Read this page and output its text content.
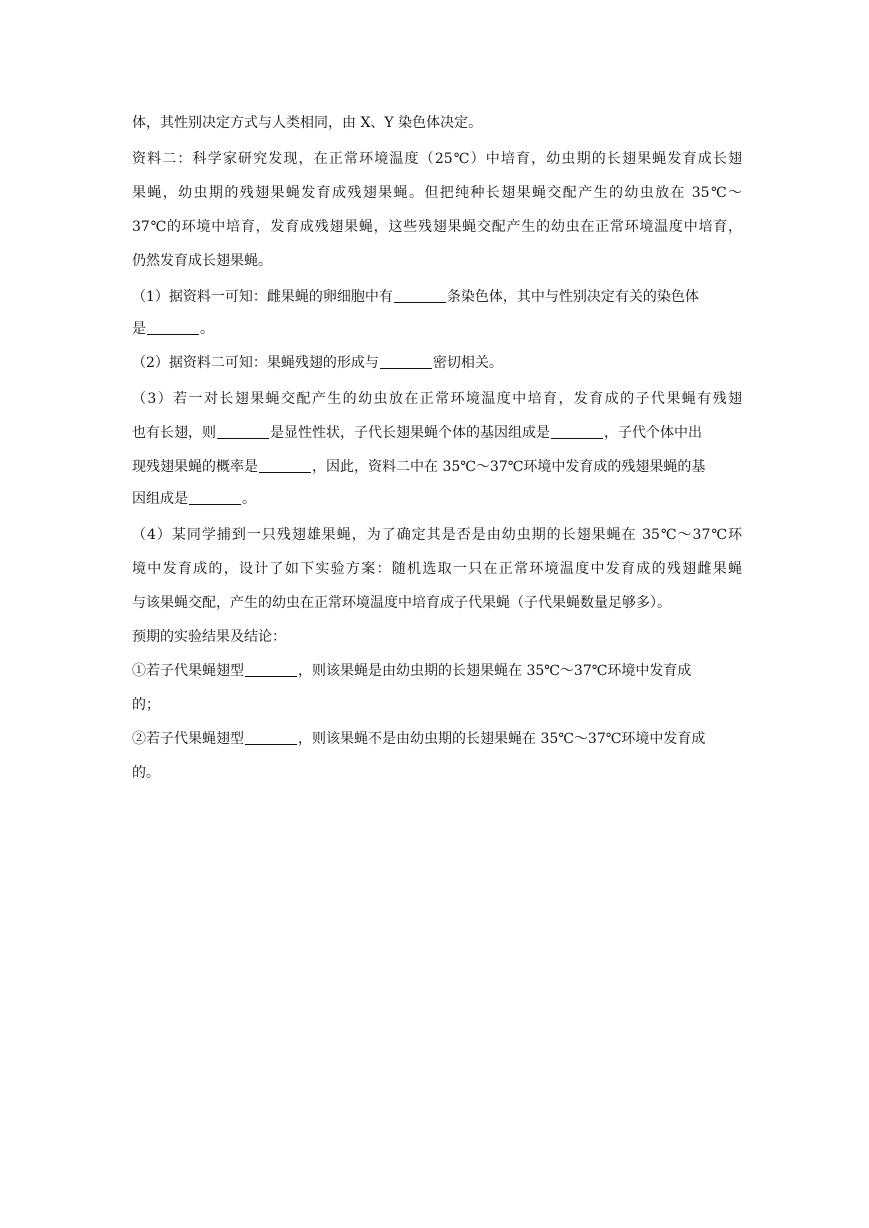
体，其性别决定方式与人类相同，由 X、Y 染色体决定。
资料二：科学家研究发现，在正常环境温度（25℃）中培育，幼虫期的长翅果蝇发育成长翅
果蝇，幼虫期的残翅果蝇发育成残翅果蝇。但把纯种长翅果蝇交配产生的幼虫放在 35℃～
37℃的环境中培育，发育成残翅果蝇，这些残翅果蝇交配产生的幼虫在正常环境温度中培育，
仍然发育成长翅果蝇。
（1）据资料一可知：雌果蝇的卵细胞中有	条染色体，其中与性别决定有关的染色体
是	。
（2）据资料二可知：果蝇残翅的形成与	密切相关。
（3）若一对长翅果蝇交配产生的幼虫放在正常环境温度中培育，发育成的子代果蝇有残翅
也有长翅，则	是显性性状，子代长翅果蝇个体的基因组成是	，子代个体中出
现残翅果蝇的概率是	，因此，资料二中在 35℃～37℃环境中发育成的残翅果蝇的基
因组成是	。
（4）某同学捕到一只残翅雄果蝇，为了确定其是否是由幼虫期的长翅果蝇在 35℃～37℃环
境中发育成的，设计了如下实验方案：随机选取一只在正常环境温度中发育成的残翅雌果蝇
与该果蝇交配，产生的幼虫在正常环境温度中培育成子代果蝇（子代果蝇数量足够多）。
预期的实验结果及结论：
①若子代果蝇翅型	，则该果蝇是由幼虫期的长翅果蝇在 35℃～37℃环境中发育成
的；
②若子代果蝇翅型	，则该果蝇不是由幼虫期的长翅果蝇在 35℃～37℃环境中发育成
的。
